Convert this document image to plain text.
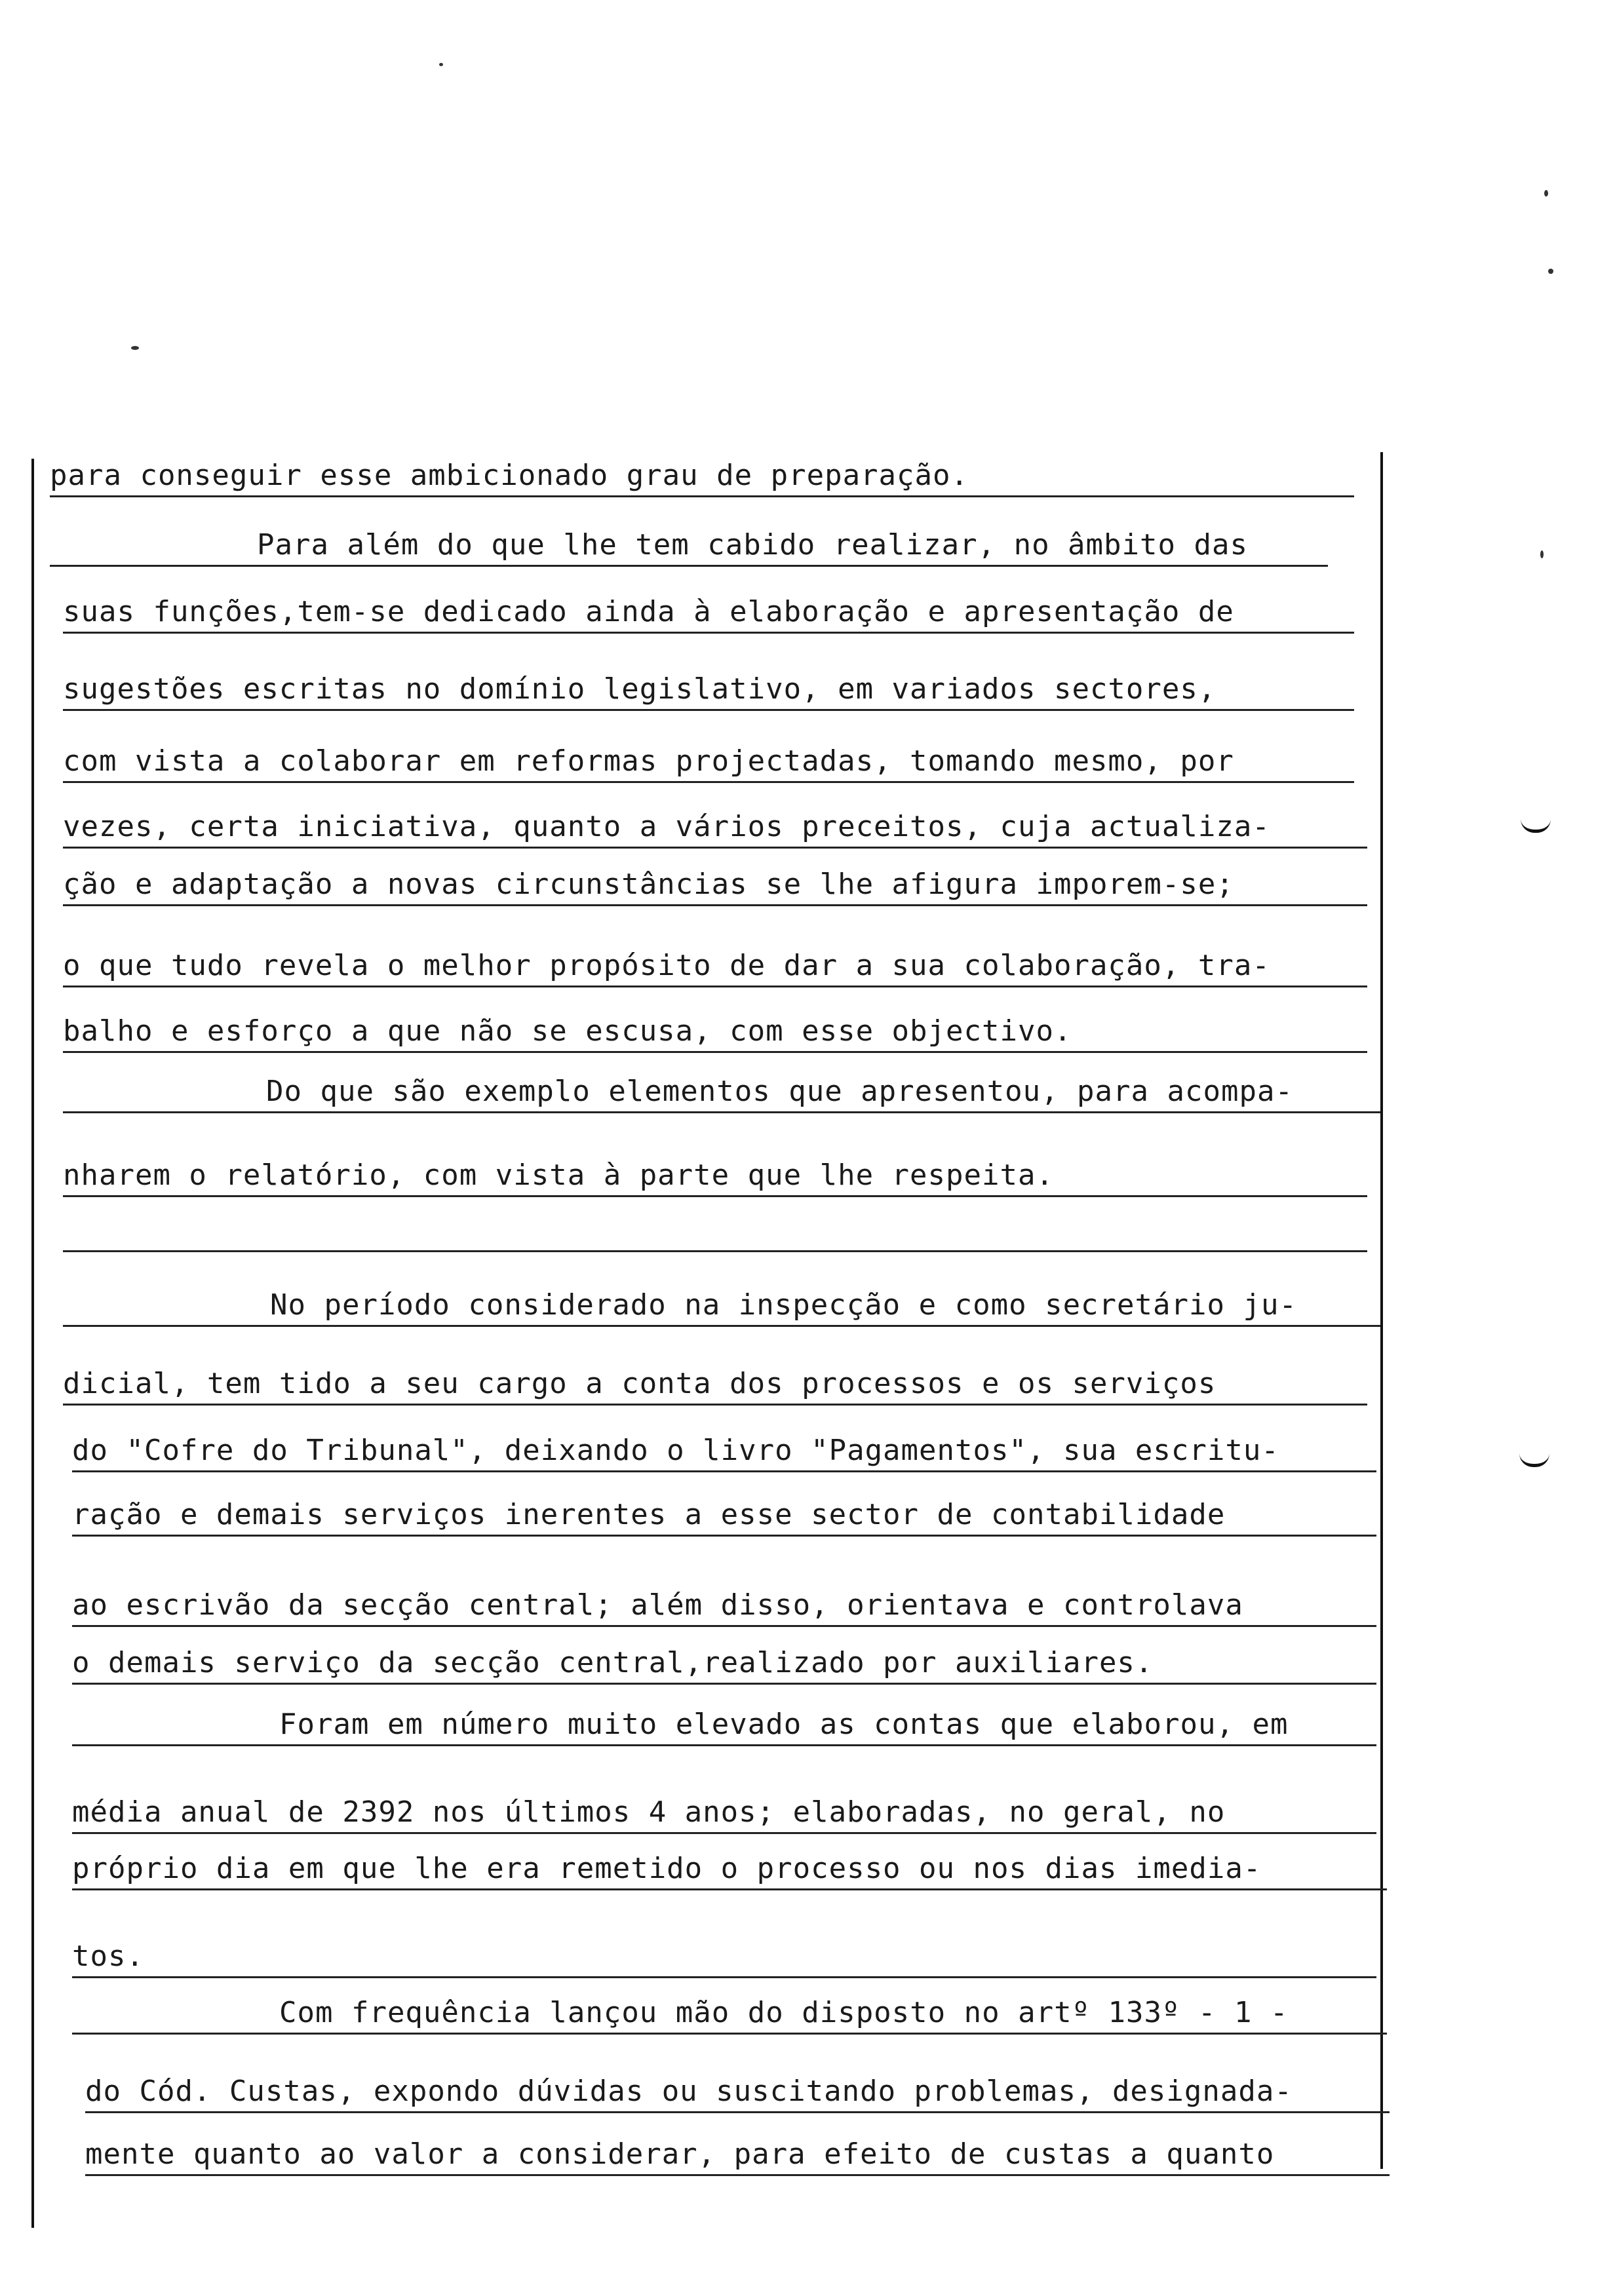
para conseguir esse ambicionado grau de preparação.
Para além do que lhe tem cabido realizar, no âmbito das
suas funções,tem-se dedicado ainda à elaboração e apresentação de
sugestões escritas no domínio legislativo, em variados sectores,
com vista a colaborar em reformas projectadas, tomando mesmo, por
vezes, certa iniciativa, quanto a vários preceitos, cuja actualiza-
ção e adaptação a novas circunstâncias se lhe afigura imporem-se;
o que tudo revela o melhor propósito de dar a sua colaboração, tra-
balho e esforço a que não se escusa, com esse objectivo.
Do que são exemplo elementos que apresentou, para acompa-
nharem o relatório, com vista à parte que lhe respeita.
No período considerado na inspecção e como secretário ju-
dicial, tem tido a seu cargo a conta dos processos e os serviços
do "Cofre do Tribunal", deixando o livro "Pagamentos", sua escritu-
ração e demais serviços inerentes a esse sector de contabilidade
ao escrivão da secção central; além disso, orientava e controlava
o demais serviço da secção central,realizado por auxiliares.
Foram em número muito elevado as contas que elaborou, em
média anual de 2392 nos últimos 4 anos; elaboradas, no geral, no
próprio dia em que lhe era remetido o processo ou nos dias imedia-
tos.
Com frequência lançou mão do disposto no artº 133º - 1 -
do Cód. Custas, expondo dúvidas ou suscitando problemas, designada-
mente quanto ao valor a considerar, para efeito de custas a quanto
